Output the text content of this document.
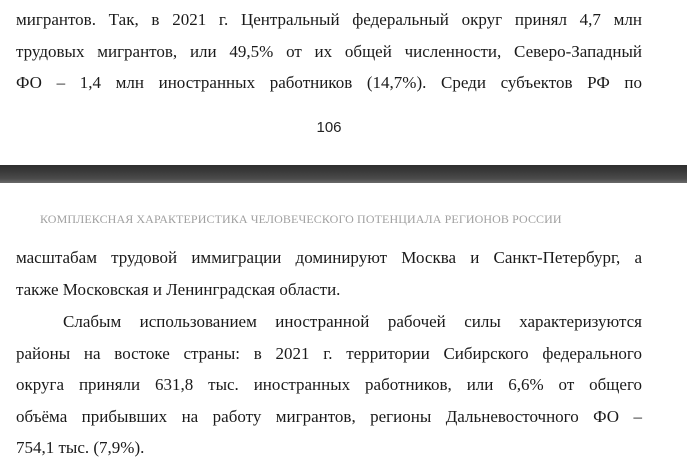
мигрантов. Так, в 2021 г. Центральный федеральный округ принял 4,7 млн
трудовых мигрантов, или 49,5% от их общей численности, Северо-Западный
ФО – 1,4 млн иностранных работников (14,7%). Среди субъектов РФ по
106
КОМПЛЕКСНАЯ ХАРАКТЕРИСТИКА ЧЕЛОВЕЧЕСКОГО ПОТЕНЦИАЛА РЕГИОНОВ РОССИИ
масштабам трудовой иммиграции доминируют Москва и Санкт-Петербург, а
также Московская и Ленинградская области.
Слабым использованием иностранной рабочей силы характеризуются
районы на востоке страны: в 2021 г. территории Сибирского федерального
округа приняли 631,8 тыс. иностранных работников, или 6,6% от общего
объёма прибывших на работу мигрантов, регионы Дальневосточного ФО –
754,1 тыс. (7,9%).
